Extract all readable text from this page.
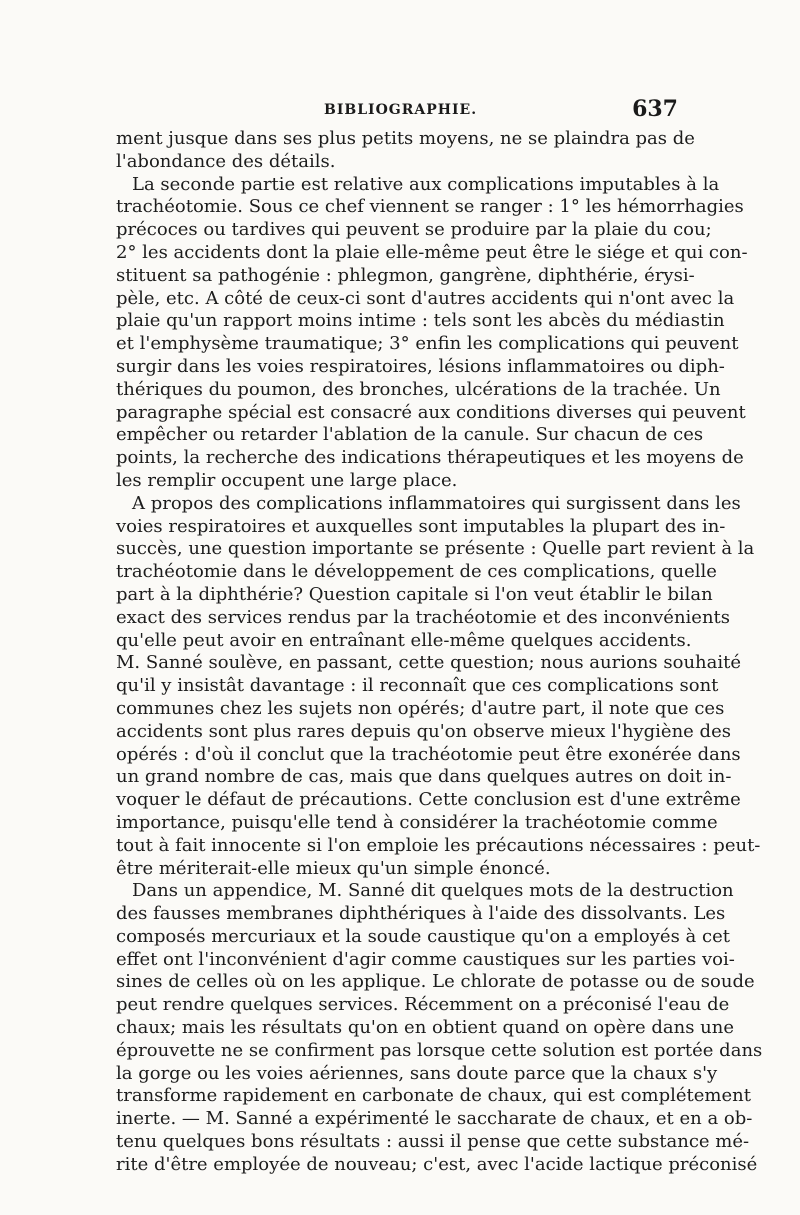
BIBLIOGRAPHIE.	637
ment jusque dans ses plus petits moyens, ne se plaindra pas de
l'abondance des détails.
La seconde partie est relative aux complications imputables à la
trachéotomie. Sous ce chef viennent se ranger : 1° les hémorrhagies
précoces ou tardives qui peuvent se produire par la plaie du cou;
2° les accidents dont la plaie elle-même peut être le siége et qui con-
stituent sa pathogénie : phlegmon, gangrène, diphthérie, érysi-
pèle, etc. A côté de ceux-ci sont d'autres accidents qui n'ont avec la
plaie qu'un rapport moins intime : tels sont les abcès du médiastin
et l'emphysème traumatique; 3° enfin les complications qui peuvent
surgir dans les voies respiratoires, lésions inflammatoires ou diph-
thériques du poumon, des bronches, ulcérations de la trachée. Un
paragraphe spécial est consacré aux conditions diverses qui peuvent
empêcher ou retarder l'ablation de la canule. Sur chacun de ces
points, la recherche des indications thérapeutiques et les moyens de
les remplir occupent une large place.
A propos des complications inflammatoires qui surgissent dans les
voies respiratoires et auxquelles sont imputables la plupart des in-
succès, une question importante se présente : Quelle part revient à la
trachéotomie dans le développement de ces complications, quelle
part à la diphthérie? Question capitale si l'on veut établir le bilan
exact des services rendus par la trachéotomie et des inconvénients
qu'elle peut avoir en entraînant elle-même quelques accidents.
M. Sanné soulève, en passant, cette question; nous aurions souhaité
qu'il y insistât davantage : il reconnaît que ces complications sont
communes chez les sujets non opérés; d'autre part, il note que ces
accidents sont plus rares depuis qu'on observe mieux l'hygiène des
opérés : d'où il conclut que la trachéotomie peut être exonérée dans
un grand nombre de cas, mais que dans quelques autres on doit in-
voquer le défaut de précautions. Cette conclusion est d'une extrême
importance, puisqu'elle tend à considérer la trachéotomie comme
tout à fait innocente si l'on emploie les précautions nécessaires : peut-
être mériterait-elle mieux qu'un simple énoncé.
Dans un appendice, M. Sanné dit quelques mots de la destruction
des fausses membranes diphthériques à l'aide des dissolvants. Les
composés mercuriaux et la soude caustique qu'on a employés à cet
effet ont l'inconvénient d'agir comme caustiques sur les parties voi-
sines de celles où on les applique. Le chlorate de potasse ou de soude
peut rendre quelques services. Récemment on a préconisé l'eau de
chaux; mais les résultats qu'on en obtient quand on opère dans une
éprouvette ne se confirment pas lorsque cette solution est portée dans
la gorge ou les voies aériennes, sans doute parce que la chaux s'y
transforme rapidement en carbonate de chaux, qui est complétement
inerte. — M. Sanné a expérimenté le saccharate de chaux, et en a ob-
tenu quelques bons résultats : aussi il pense que cette substance mé-
rite d'être employée de nouveau; c'est, avec l'acide lactique préconisé
